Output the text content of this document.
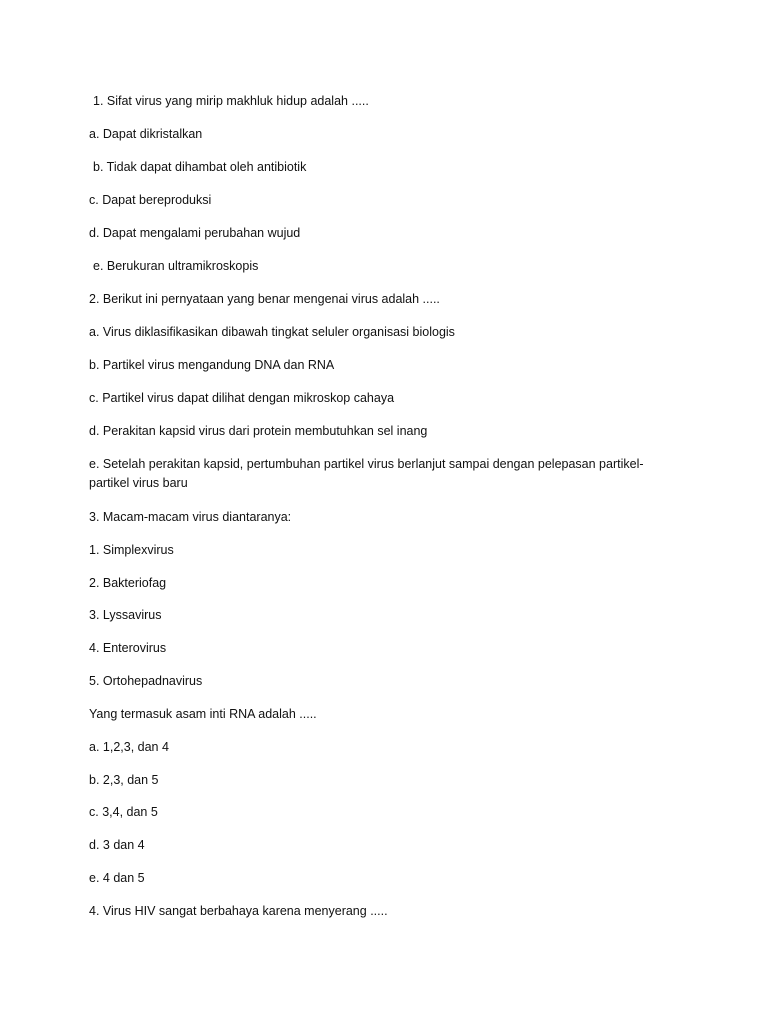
1. Sifat virus yang mirip makhluk hidup adalah .....
a. Dapat dikristalkan
b. Tidak dapat dihambat oleh antibiotik
c. Dapat bereproduksi
d. Dapat mengalami perubahan wujud
e. Berukuran ultramikroskopis
2. Berikut ini pernyataan yang benar mengenai virus adalah .....
a. Virus diklasifikasikan dibawah tingkat seluler organisasi biologis
b. Partikel virus mengandung DNA dan RNA
c. Partikel virus dapat dilihat dengan mikroskop cahaya
d. Perakitan kapsid virus dari protein membutuhkan sel inang
e. Setelah perakitan kapsid, pertumbuhan partikel virus berlanjut sampai dengan pelepasan partikel-partikel virus baru
3. Macam-macam virus diantaranya:
1. Simplexvirus
2. Bakteriofag
3. Lyssavirus
4. Enterovirus
5. Ortohepadnavirus
Yang termasuk asam inti RNA adalah .....
a. 1,2,3, dan 4
b. 2,3, dan 5
c. 3,4, dan 5
d. 3 dan 4
e. 4 dan 5
4. Virus HIV sangat berbahaya karena menyerang .....
